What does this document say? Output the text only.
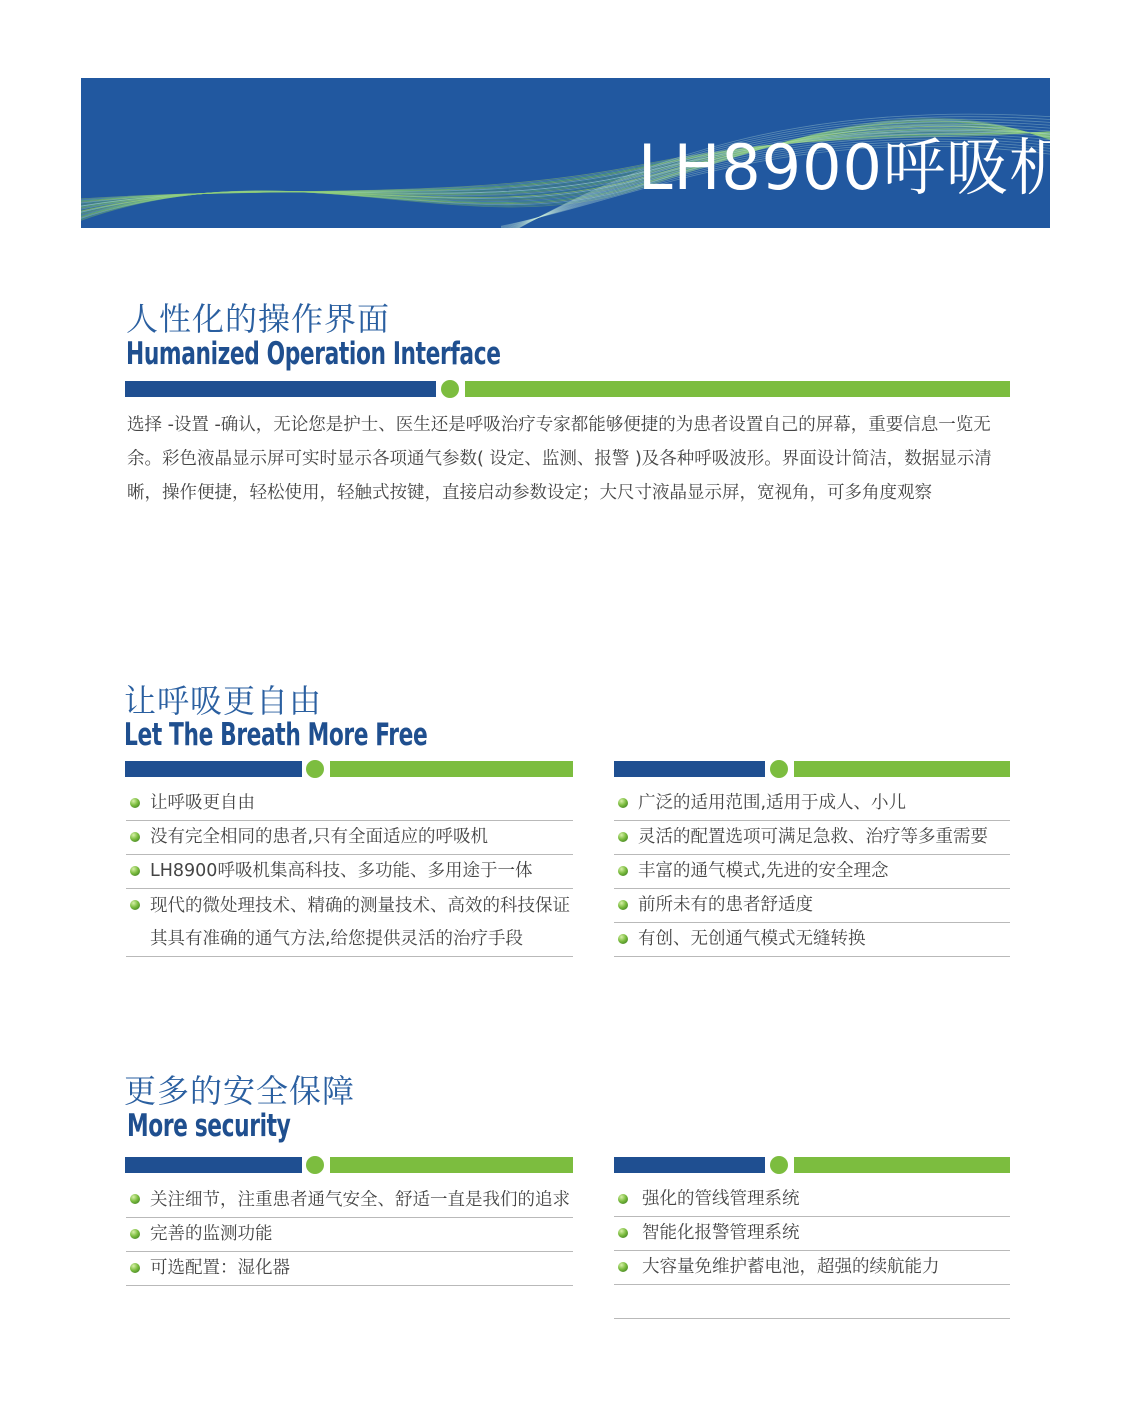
LH8900呼吸机
人性化的操作界面
Humanized Operation Interface
选择 -设置 -确认，无论您是护士、医生还是呼吸治疗专家都能够便捷的为患者设置自己的屏幕，重要信息一览无余。彩色液晶显示屏可实时显示各项通气参数( 设定、监测、报警 )及各种呼吸波形。界面设计简洁，数据显示清晰，操作便捷，轻松使用，轻触式按键，直接启动参数设定；大尺寸液晶显示屏，宽视角，可多角度观察
让呼吸更自由
Let The Breath More Free
让呼吸更自由
没有完全相同的患者,只有全面适应的呼吸机
LH8900呼吸机集高科技、多功能、多用途于一体
现代的微处理技术、精确的测量技术、高效的科技保证其具有准确的通气方法,给您提供灵活的治疗手段
广泛的适用范围,适用于成人、小儿
灵活的配置选项可满足急救、治疗等多重需要
丰富的通气模式,先进的安全理念
前所未有的患者舒适度
有创、无创通气模式无缝转换
更多的安全保障
More security
关注细节，注重患者通气安全、舒适一直是我们的追求
完善的监测功能
可选配置：湿化器
强化的管线管理系统
智能化报警管理系统
大容量免维护蓄电池，超强的续航能力
